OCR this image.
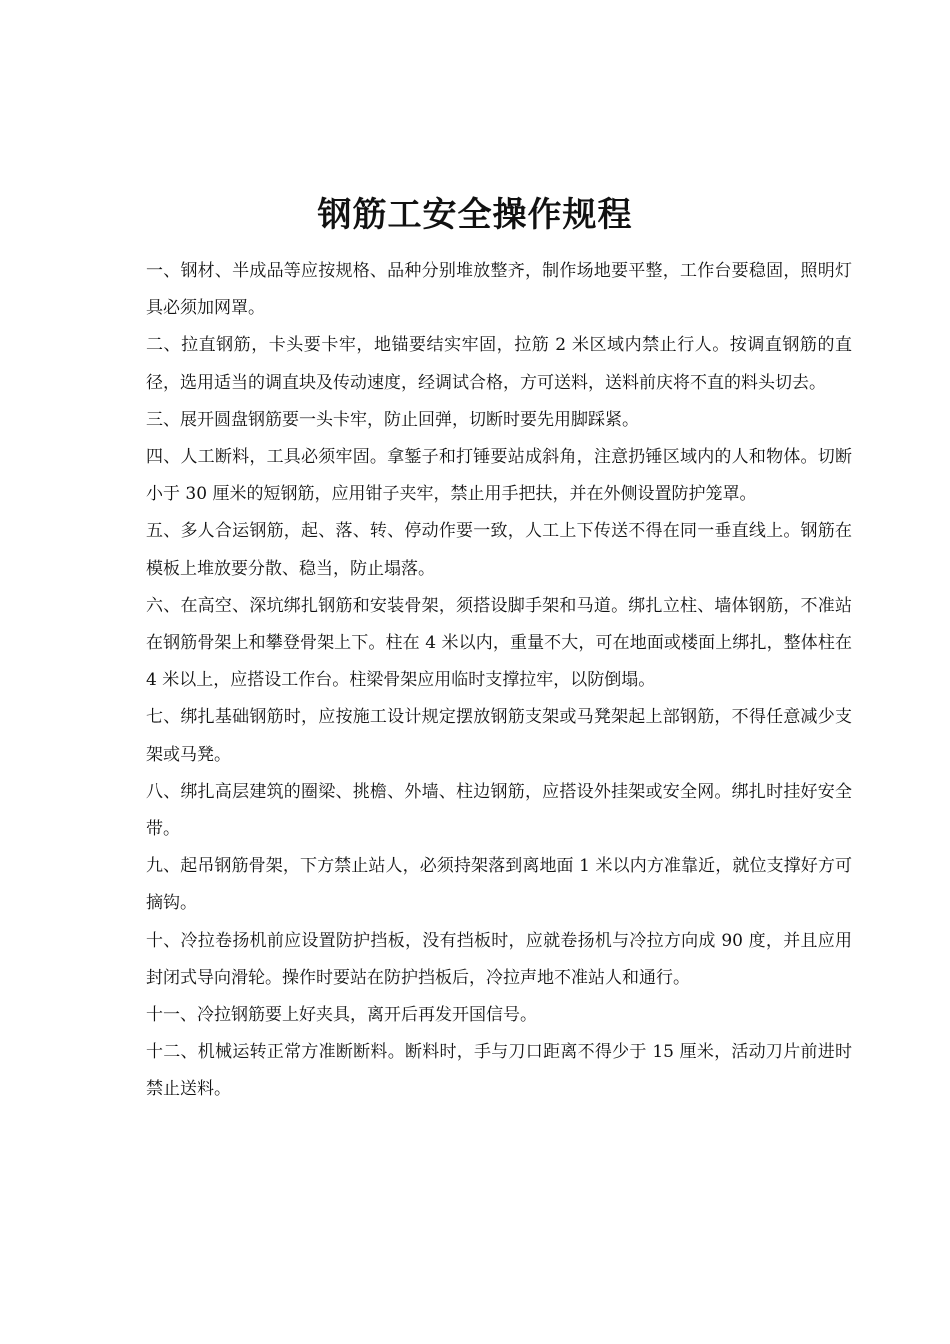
钢筋工安全操作规程

一、钢材、半成品等应按规格、品种分别堆放整齐，制作场地要平整，工作台要稳固，照明灯具必须加网罩。

二、拉直钢筋，卡头要卡牢，地锚要结实牢固，拉筋 2 米区域内禁止行人。按调直钢筋的直径，选用适当的调直块及传动速度，经调试合格，方可送料，送料前庆将不直的料头切去。

三、展开圆盘钢筋要一头卡牢，防止回弹，切断时要先用脚踩紧。

四、人工断料，工具必须牢固。拿錾子和打锤要站成斜角，注意扔锤区域内的人和物体。切断小于 30 厘米的短钢筋，应用钳子夹牢，禁止用手把扶，并在外侧设置防护笼罩。

五、多人合运钢筋，起、落、转、停动作要一致，人工上下传送不得在同一垂直线上。钢筋在模板上堆放要分散、稳当，防止塌落。

六、在高空、深坑绑扎钢筋和安装骨架，须搭设脚手架和马道。绑扎立柱、墙体钢筋，不准站在钢筋骨架上和攀登骨架上下。柱在 4 米以内，重量不大，可在地面或楼面上绑扎，整体柱在 4 米以上，应搭设工作台。柱梁骨架应用临时支撑拉牢，以防倒塌。

七、绑扎基础钢筋时，应按施工设计规定摆放钢筋支架或马凳架起上部钢筋，不得任意减少支架或马凳。

八、绑扎高层建筑的圈梁、挑檐、外墙、柱边钢筋，应搭设外挂架或安全网。绑扎时挂好安全带。

九、起吊钢筋骨架，下方禁止站人，必须持架落到离地面 1 米以内方准靠近，就位支撑好方可摘钩。

十、冷拉卷扬机前应设置防护挡板，没有挡板时，应就卷扬机与冷拉方向成 90 度，并且应用封闭式导向滑轮。操作时要站在防护挡板后，冷拉声地不准站人和通行。

十一、冷拉钢筋要上好夹具，离开后再发开国信号。

十二、机械运转正常方准断断料。断料时，手与刀口距离不得少于 15 厘米，活动刀片前进时禁止送料。
